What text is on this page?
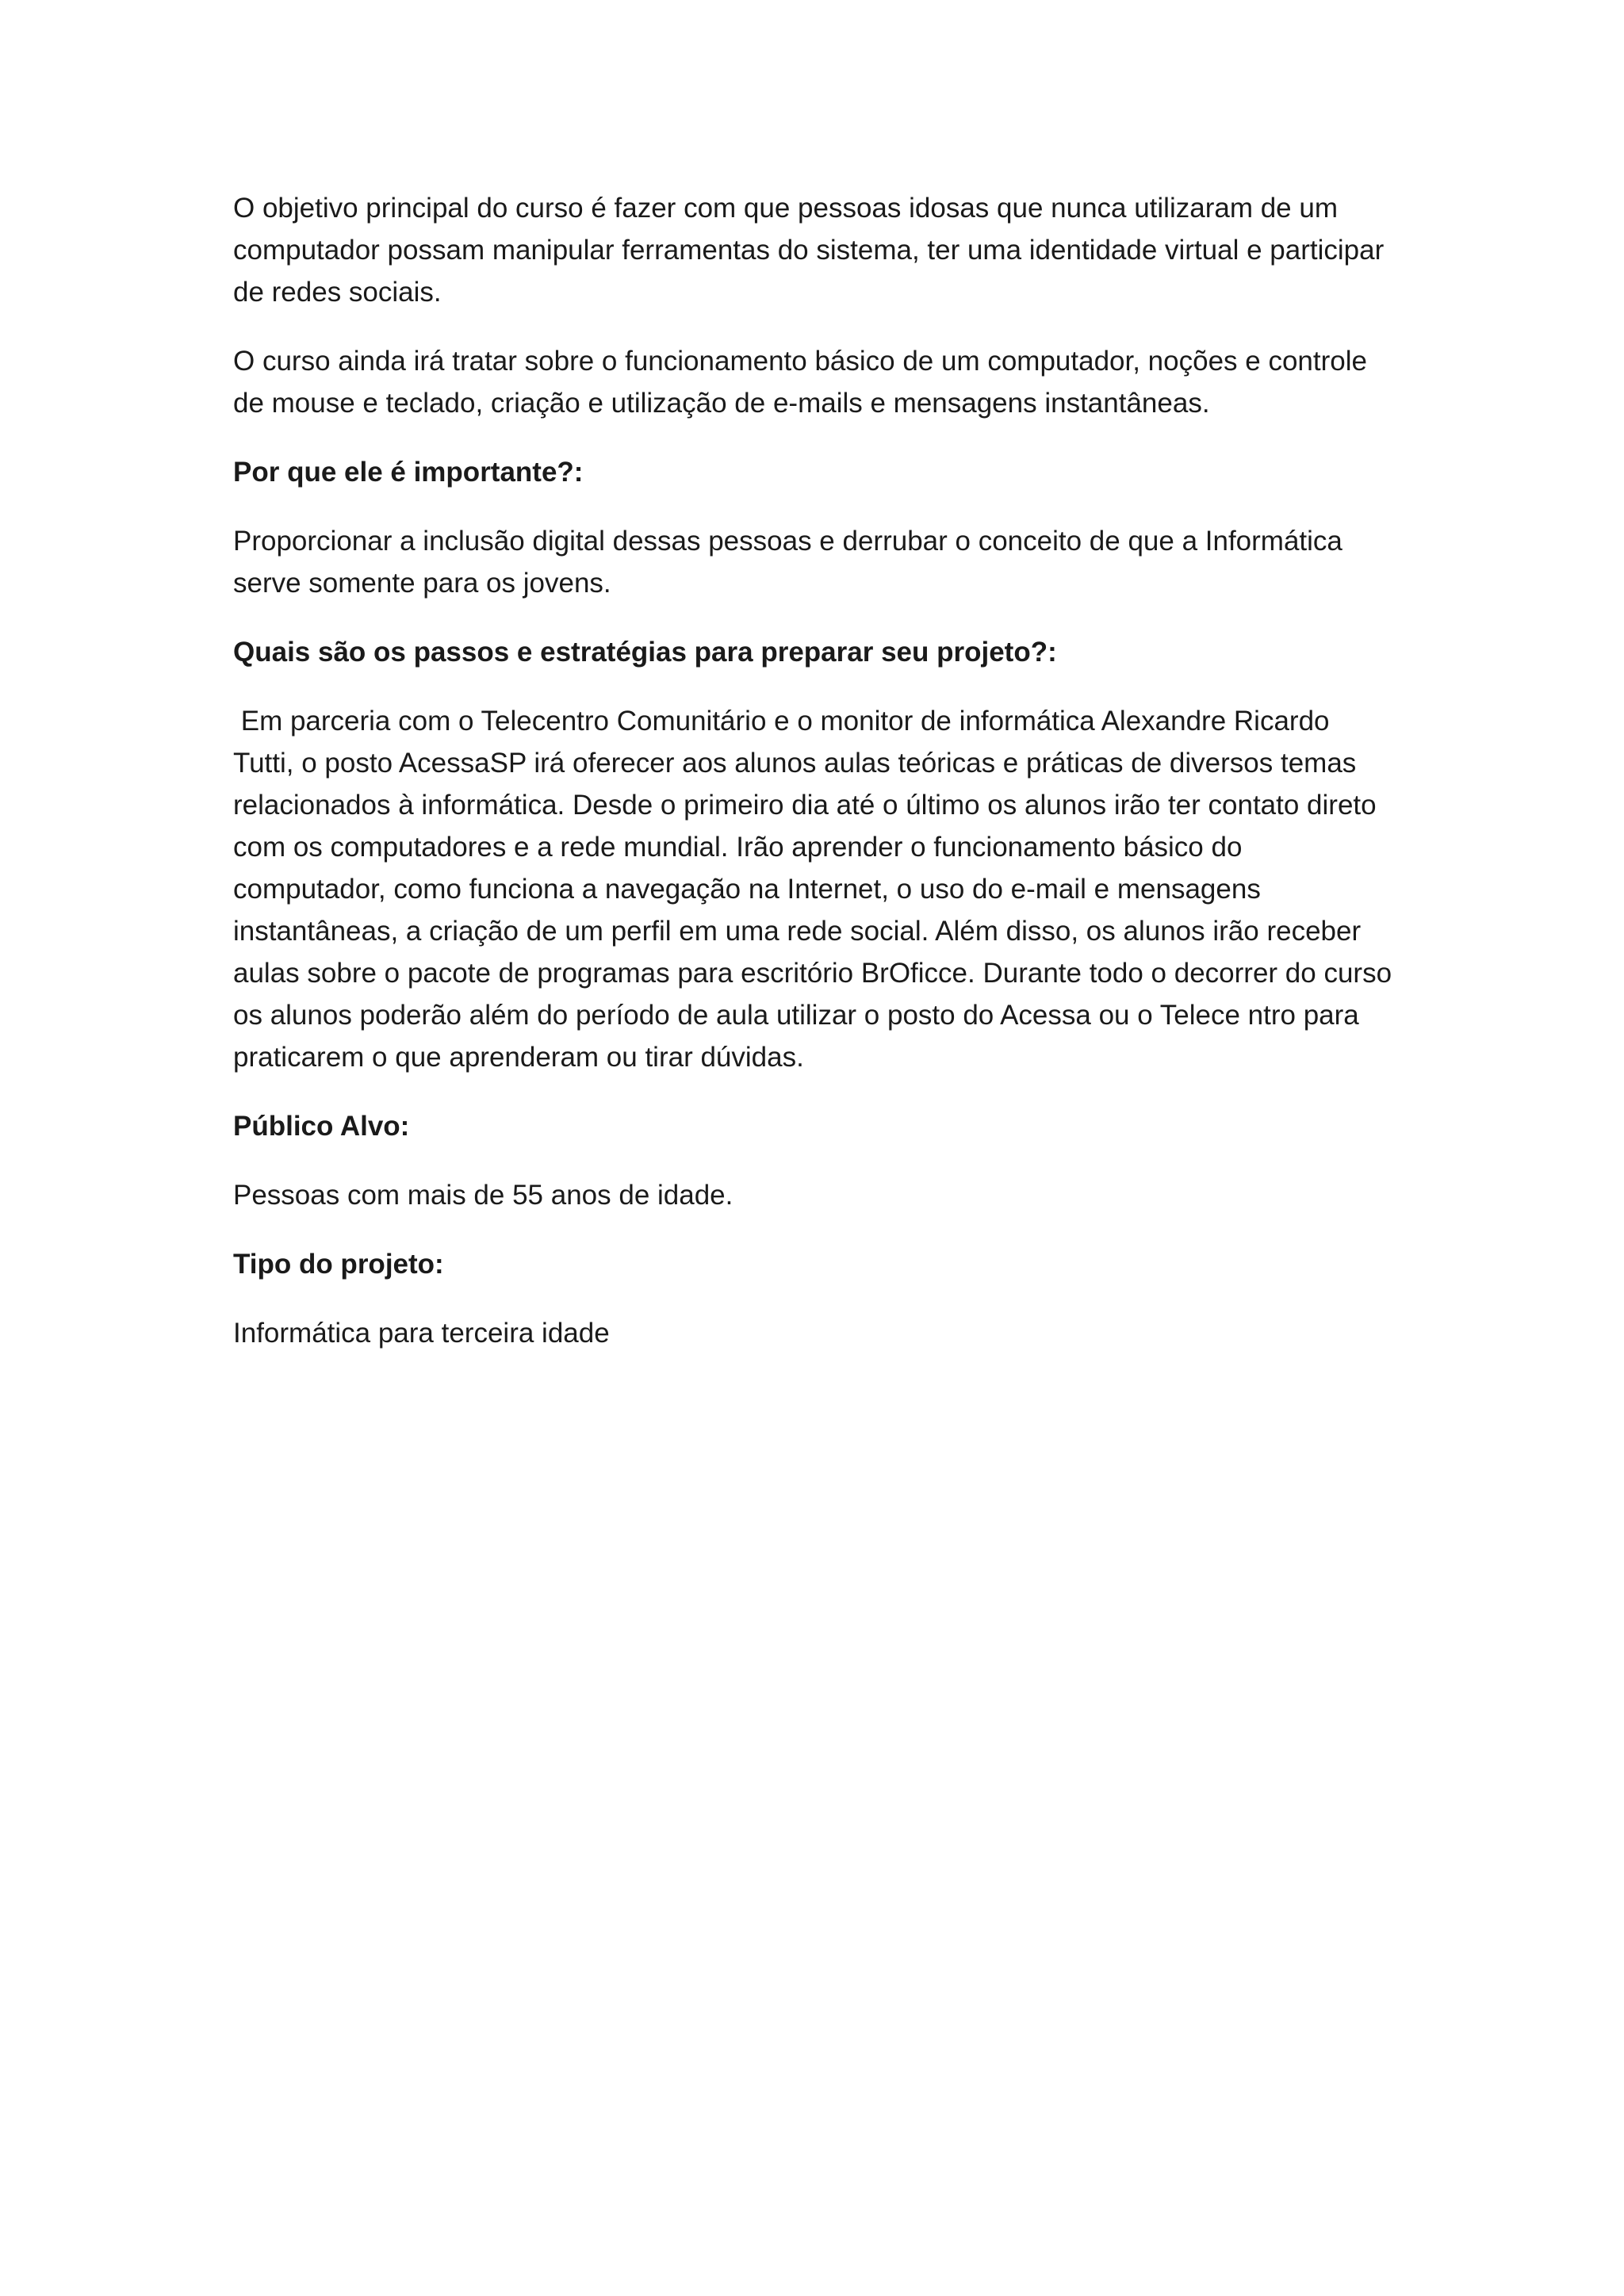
O objetivo principal do curso é fazer com que pessoas idosas que nunca utilizaram de um
computador possam manipular ferramentas do sistema, ter uma identidade virtual e participar
de redes sociais.

O curso ainda irá tratar sobre o funcionamento básico de um computador, noções e controle
de mouse e teclado, criação e utilização de e-mails e mensagens instantâneas.

Por que ele é importante?:

Proporcionar a inclusão digital dessas pessoas e derrubar o conceito de que a Informática
serve somente para os jovens.

Quais são os passos e estratégias para preparar seu projeto?:

Em parceria com o Telecentro Comunitário e o monitor de informática Alexandre Ricardo
Tutti, o posto AcessaSP irá oferecer aos alunos aulas teóricas e práticas de diversos temas
relacionados à informática. Desde o primeiro dia até o último os alunos irão ter contato direto
com os computadores e a rede mundial. Irão aprender o funcionamento básico do
computador, como funciona a navegação na Internet, o uso do e-mail e mensagens
instantâneas, a criação de um perfil em uma rede social. Além disso, os alunos irão receber
aulas sobre o pacote de programas para escritório BrOficce. Durante todo o decorrer do curso
os alunos poderão além do período de aula utilizar o posto do Acessa ou o Telece ntro para
praticarem o que aprenderam ou tirar dúvidas.

Público Alvo:

Pessoas com mais de 55 anos de idade.

Tipo do projeto:

Informática para terceira idade
